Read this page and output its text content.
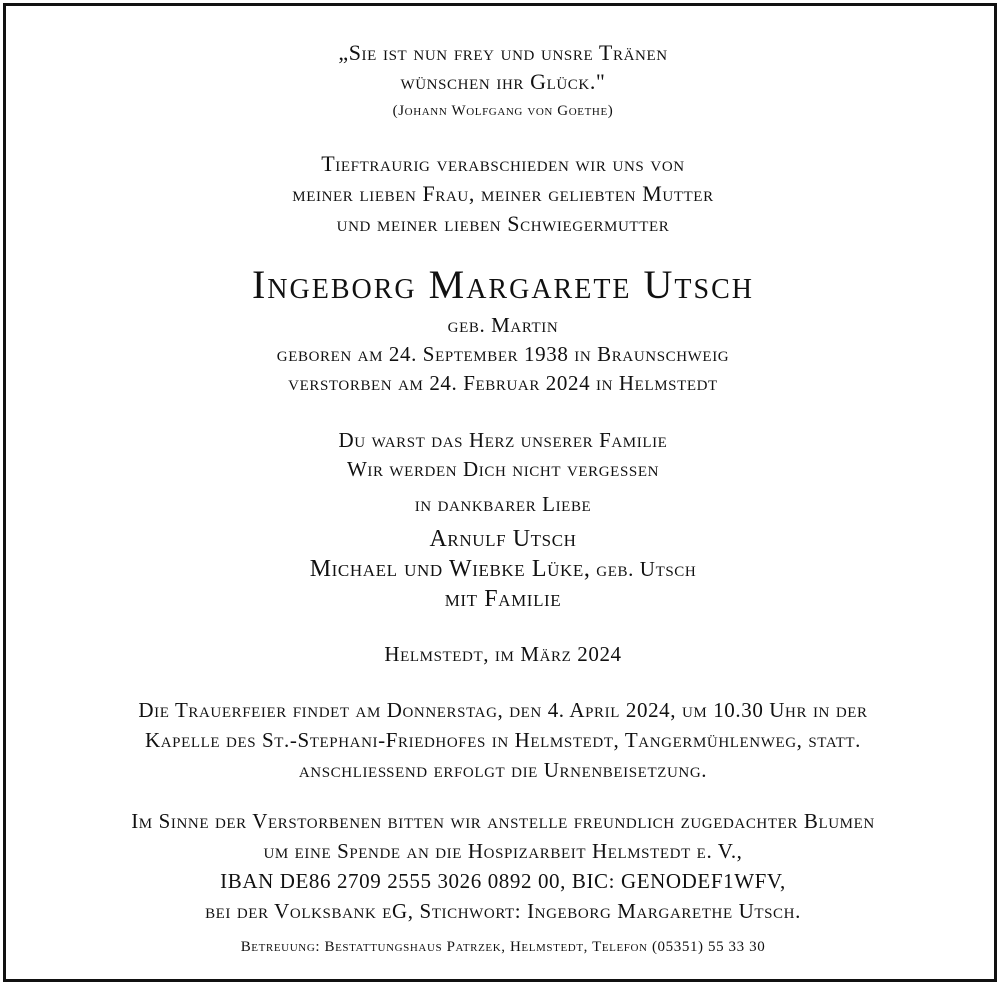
„Sie ist nun frey und unsre Tränen
wünschen ihr Glück."
(Johann Wolfgang von Goethe)
Tieftraurig verabschieden wir uns von
meiner lieben Frau, meiner geliebten Mutter
und meiner lieben Schwiegermutter
Ingeborg Margarete Utsch
geb. Martin
geboren am 24. September 1938 in Braunschweig
verstorben am 24. Februar 2024 in Helmstedt
Du warst das Herz unserer Familie
Wir werden Dich nicht vergessen
in dankbarer Liebe
Arnulf Utsch
Michael und Wiebke Lüke, geb. Utsch
mit Familie
Helmstedt, im März 2024
Die Trauerfeier findet am Donnerstag, den 4. April 2024, um 10.30 Uhr in der
Kapelle des St.-Stephani-Friedhofes in Helmstedt, Tangermühlenweg, statt.
anschließend erfolgt die Urnenbeisetzung.
Im Sinne der Verstorbenen bitten wir anstelle freundlich zugedachter Blumen
um eine Spende an die Hospizarbeit Helmstedt e. V.,
IBAN DE86 2709 2555 3026 0892 00, BIC: GENODEF1WFV,
bei der Volksbank eG, Stichwort: Ingeborg Margarethe Utsch.
Betreuung: Bestattungshaus Patrzek, Helmstedt, Telefon (05351) 55 33 30
